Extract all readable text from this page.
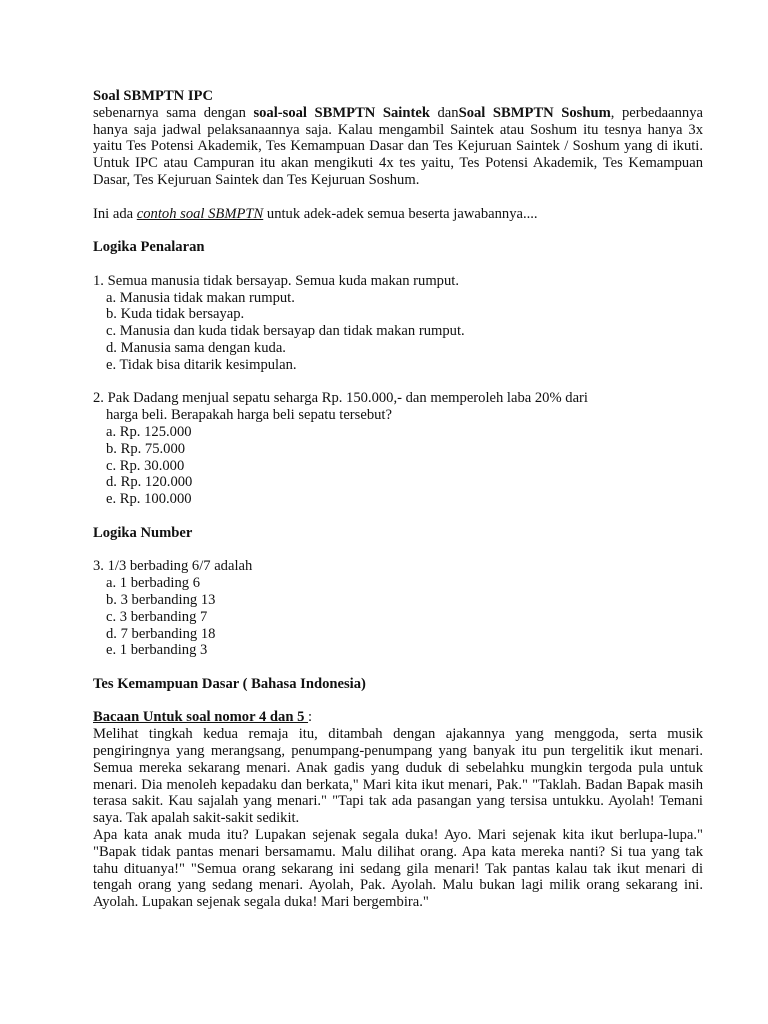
Soal SBMPTN IPC

sebenarnya sama dengan soal-soal SBMPTN Saintek danSoal SBMPTN Soshum, perbedaannya hanya saja jadwal pelaksanaannya saja. Kalau mengambil Saintek atau Soshum itu tesnya hanya 3x yaitu Tes Potensi Akademik, Tes Kemampuan Dasar dan Tes Kejuruan Saintek / Soshum yang di ikuti. Untuk IPC atau Campuran itu akan mengikuti 4x tes yaitu, Tes Potensi Akademik, Tes Kemampuan Dasar, Tes Kejuruan Saintek dan Tes Kejuruan Soshum.

Ini ada contoh soal SBMPTN untuk adek-adek semua beserta jawabannya....

Logika Penalaran

1. Semua manusia tidak bersayap. Semua kuda makan rumput.

a. Manusia tidak makan rumput.

b. Kuda tidak bersayap.

c. Manusia dan kuda tidak bersayap dan tidak makan rumput.

d. Manusia sama dengan kuda.

e. Tidak bisa ditarik kesimpulan.

2. Pak Dadang menjual sepatu seharga Rp. 150.000,- dan memperoleh laba 20% dari

harga beli. Berapakah harga beli sepatu tersebut?

a. Rp. 125.000

b. Rp. 75.000

c. Rp. 30.000

d. Rp. 120.000

e. Rp. 100.000

Logika Number

3. 1/3 berbading 6/7 adalah

a. 1 berbading 6

b. 3 berbanding 13

c. 3 berbanding 7

d. 7 berbanding 18

e. 1 berbanding 3

Tes Kemampuan Dasar ( Bahasa Indonesia)

Bacaan Untuk soal nomor 4 dan 5 :

Melihat tingkah kedua remaja itu, ditambah dengan ajakannya yang menggoda, serta musik pengiringnya yang merangsang, penumpang-penumpang yang banyak itu pun tergelitik ikut menari. Semua mereka sekarang menari. Anak gadis yang duduk di sebelahku mungkin tergoda pula untuk menari. Dia menoleh kepadaku dan berkata," Mari kita ikut menari, Pak." "Taklah. Badan Bapak masih terasa sakit. Kau sajalah yang menari." "Tapi tak ada pasangan yang tersisa untukku. Ayolah! Temani saya. Tak apalah sakit-sakit sedikit.

Apa kata anak muda itu? Lupakan sejenak segala duka! Ayo. Mari sejenak kita ikut berlupa-lupa." "Bapak tidak pantas menari bersamamu. Malu dilihat orang. Apa kata mereka nanti? Si tua yang tak tahu dituanya!" "Semua orang sekarang ini sedang gila menari! Tak pantas kalau tak ikut menari di tengah orang yang sedang menari. Ayolah, Pak. Ayolah. Malu bukan lagi milik orang sekarang ini. Ayolah. Lupakan sejenak segala duka! Mari bergembira."
